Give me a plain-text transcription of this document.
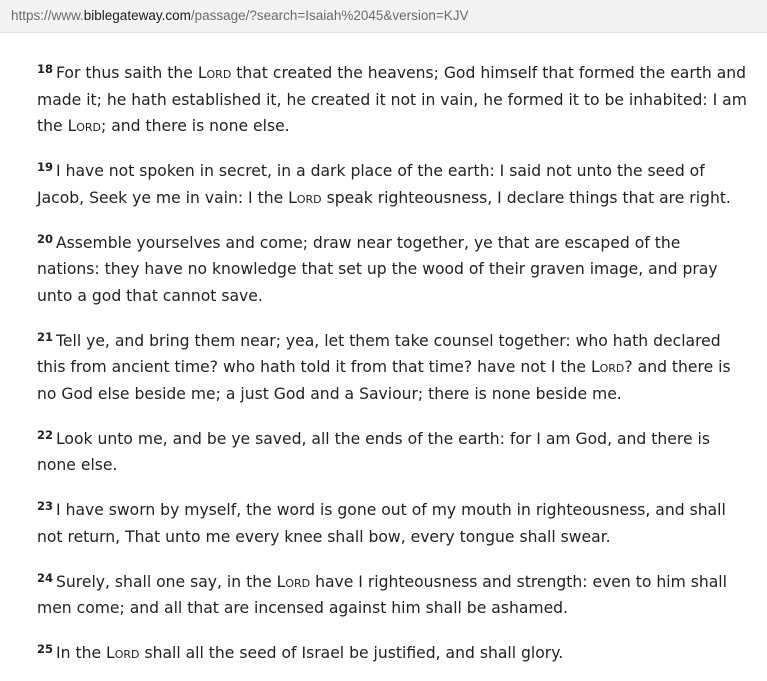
https://www.biblegateway.com/passage/?search=Isaiah%2045&version=KJV

$^{18}$ For thus saith the Lord that created the heavens; God himself that formed the earth and made it; he hath established it, he created it not in vain, he formed it to be inhabited: I am the Lord; and there is none else.

$^{19}$ I have not spoken in secret, in a dark place of the earth: I said not unto the seed of Jacob, Seek ye me in vain: I the Lord speak righteousness, I declare things that are right.

$^{20}$ Assemble yourselves and come; draw near together, ye that are escaped of the nations: they have no knowledge that set up the wood of their graven image, and pray unto a god that cannot save.

$^{21}$ Tell ye, and bring them near; yea, let them take counsel together: who hath declared this from ancient time? who hath told it from that time? have not I the Lord? and there is no God else beside me; a just God and a Saviour; there is none beside me.

$^{22}$ Look unto me, and be ye saved, all the ends of the earth: for I am God, and there is none else.

$^{23}$ I have sworn by myself, the word is gone out of my mouth in righteousness, and shall not return, That unto me every knee shall bow, every tongue shall swear.

$^{24}$ Surely, shall one say, in the Lord have I righteousness and strength: even to him shall men come; and all that are incensed against him shall be ashamed.

$^{25}$ In the Lord shall all the seed of Israel be justified, and shall glory.
